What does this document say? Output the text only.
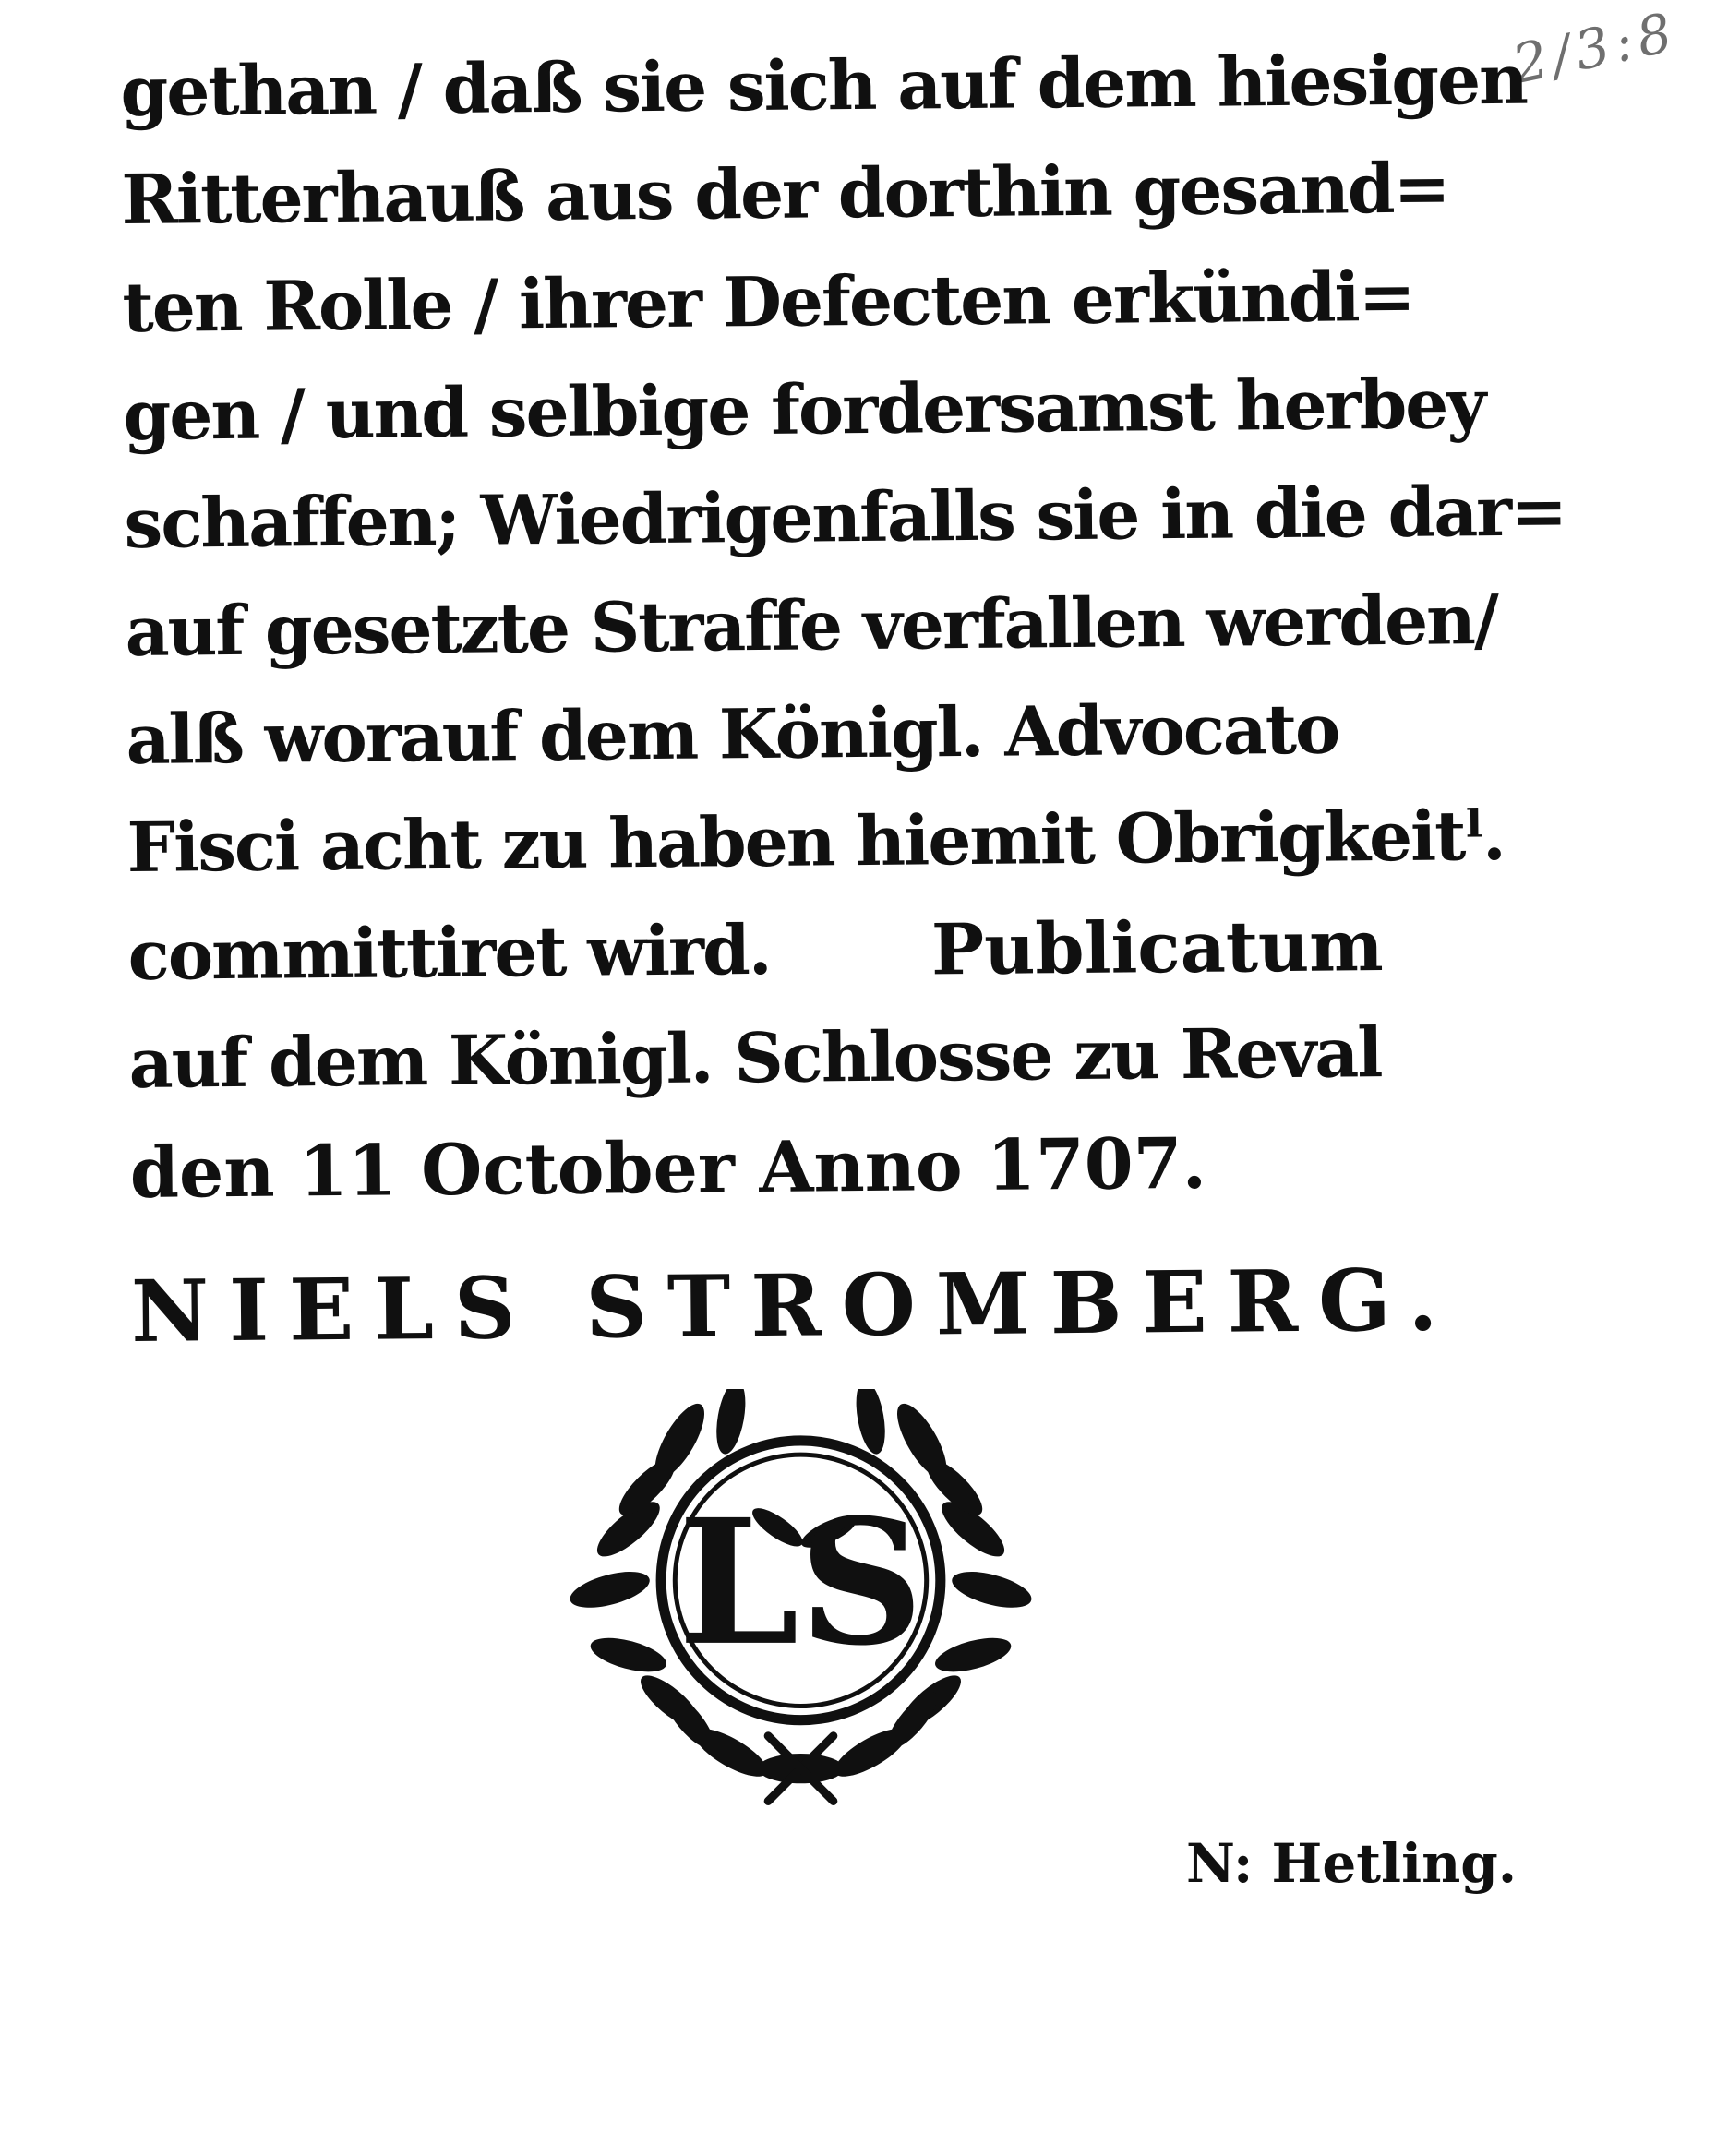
2/3:8
gethan / daß sie sich auf dem hiesigen
Ritterhauß aus der dorthin gesand=
ten Rolle / ihrer Defecten erkündi=
gen / und selbige fordersamst herbey
schaffen; Wiedrigenfalls sie in die dar=
auf gesetzte Straffe verfallen werden/
alß worauf dem Königl. Advocato
Fisci acht zu haben hiemit Obrigkeitˡ.
committiret wird. Publicatum
auf dem Königl. Schlosse zu Reval
den 11 October Anno 1707.
NIELS STROMBERG.
LS
N: Hetling.
